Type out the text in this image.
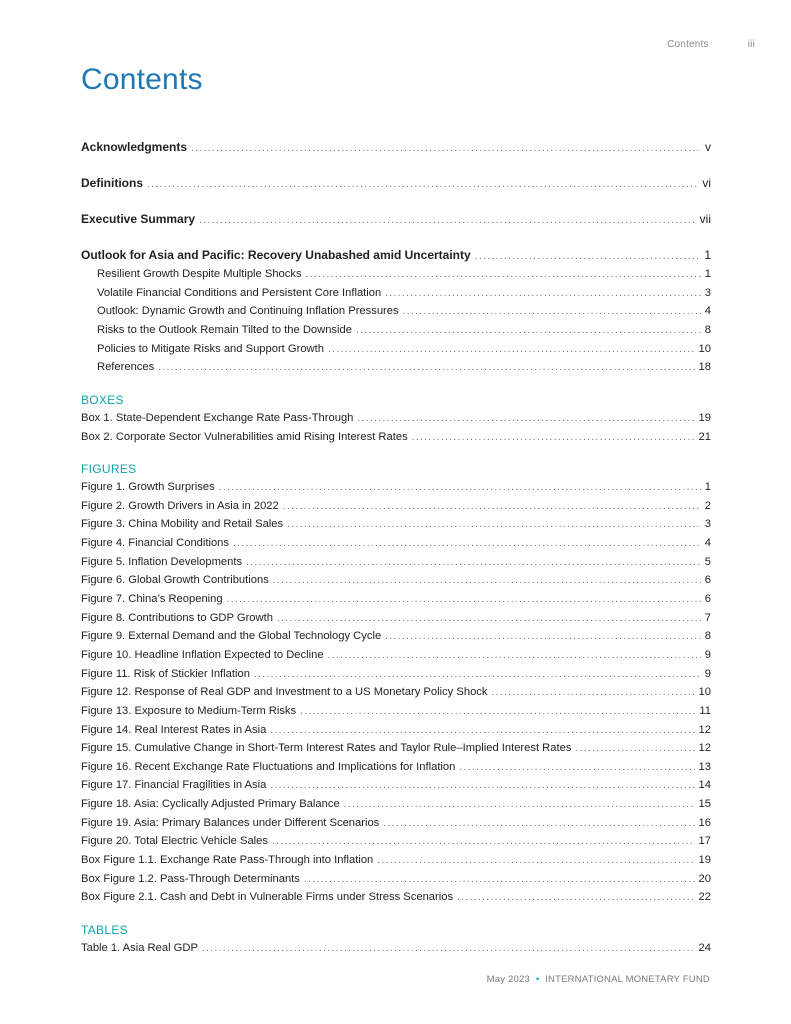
Contents	iii
Contents
Acknowledgments .....	v
Definitions .....	vi
Executive Summary .....	vii
Outlook for Asia and Pacific: Recovery Unabashed amid Uncertainty .....	1
Resilient Growth Despite Multiple Shocks .....	1
Volatile Financial Conditions and Persistent Core Inflation .....	3
Outlook: Dynamic Growth and Continuing Inflation Pressures .....	4
Risks to the Outlook Remain Tilted to the Downside .....	8
Policies to Mitigate Risks and Support Growth .....	10
References .....	18
BOXES
Box 1. State-Dependent Exchange Rate Pass-Through .....	19
Box 2. Corporate Sector Vulnerabilities amid Rising Interest Rates .....	21
FIGURES
Figure 1. Growth Surprises .....	1
Figure 2. Growth Drivers in Asia in 2022 .....	2
Figure 3. China Mobility and Retail Sales .....	3
Figure 4. Financial Conditions .....	4
Figure 5. Inflation Developments .....	5
Figure 6. Global Growth Contributions .....	6
Figure 7. China’s Reopening .....	6
Figure 8. Contributions to GDP Growth .....	7
Figure 9. External Demand and the Global Technology Cycle .....	8
Figure 10. Headline Inflation Expected to Decline .....	9
Figure 11. Risk of Stickier Inflation .....	9
Figure 12. Response of Real GDP and Investment to a US Monetary Policy Shock .....	10
Figure 13. Exposure to Medium-Term Risks .....	11
Figure 14. Real Interest Rates in Asia .....	12
Figure 15. Cumulative Change in Short-Term Interest Rates and Taylor Rule–Implied Interest Rates .....	12
Figure 16. Recent Exchange Rate Fluctuations and Implications for Inflation .....	13
Figure 17. Financial Fragilities in Asia .....	14
Figure 18. Asia: Cyclically Adjusted Primary Balance .....	15
Figure 19. Asia: Primary Balances under Different Scenarios .....	16
Figure 20. Total Electric Vehicle Sales .....	17
Box Figure 1.1. Exchange Rate Pass-Through into Inflation .....	19
Box Figure 1.2. Pass-Through Determinants .....	20
Box Figure 2.1. Cash and Debt in Vulnerable Firms under Stress Scenarios .....	22
TABLES
Table 1. Asia Real GDP .....	24
May 2023 • INTERNATIONAL MONETARY FUND
